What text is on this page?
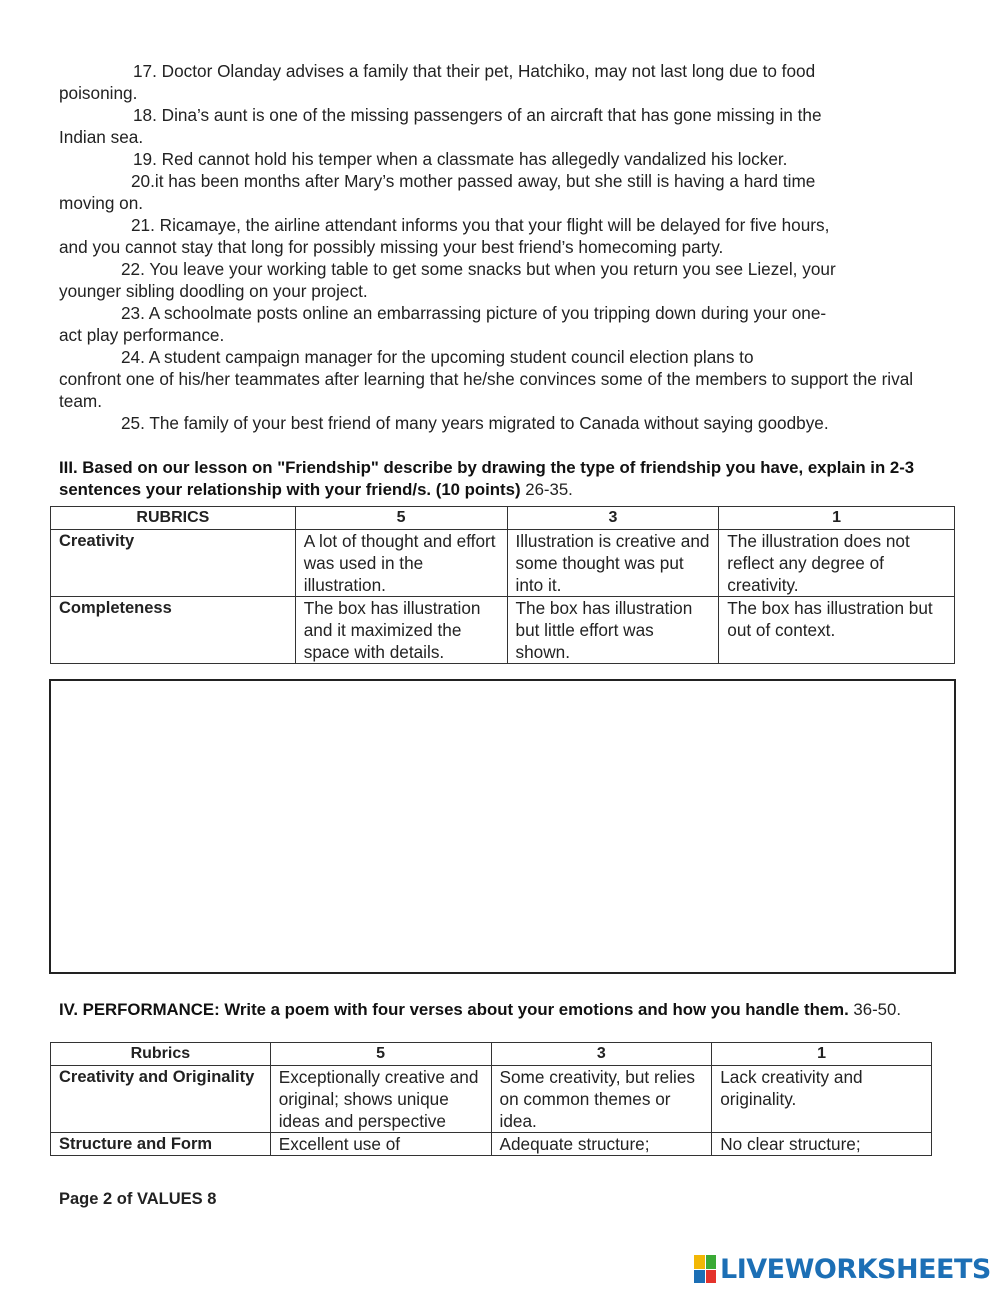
17. Doctor Olanday advises a family that their pet, Hatchiko, may not last long due to food
poisoning.

18. Dina’s aunt is one of the missing passengers of an aircraft that has gone missing in the
Indian sea.

19. Red cannot hold his temper when a classmate has allegedly vandalized his locker.

20.it has been months after Mary’s mother passed away, but she still is having a hard time
moving on.

21. Ricamaye, the airline attendant informs you that your flight will be delayed for five hours,
and you cannot stay that long for possibly missing your best friend’s homecoming party.

22. You leave your working table to get some snacks but when you return you see Liezel, your
younger sibling doodling on your project.

23. A schoolmate posts online an embarrassing picture of you tripping down during your one-
act play performance.

24. A student campaign manager for the upcoming student council election plans to
confront one of his/her teammates after learning that he/she convinces some of the members to support the rival team.

25. The family of your best friend of many years migrated to Canada without saying goodbye.

III. Based on our lesson on "Friendship" describe by drawing the type of friendship you have, explain in 2-3 sentences your relationship with your friend/s. (10 points) 26-35.
RUBRICS	5	3	1
Creativity	A lot of thought and effort was used in the illustration.	Illustration is creative and some thought was put into it.	The illustration does not reflect any degree of creativity.
Completeness	The box has illustration and it maximized the space with details.	The box has illustration but little effort was shown.	The box has illustration but out of context.
IV. PERFORMANCE: Write a poem with four verses about your emotions and how you handle them. 36-50.
Rubrics	5	3	1
Creativity and Originality	Exceptionally creative and original; shows unique ideas and perspective	Some creativity, but relies on common themes or idea.	Lack creativity and originality.
Structure and Form	Excellent use of	Adequate structure;	No clear structure;
Page 2 of VALUES 8
LIVEWORKSHEETS
